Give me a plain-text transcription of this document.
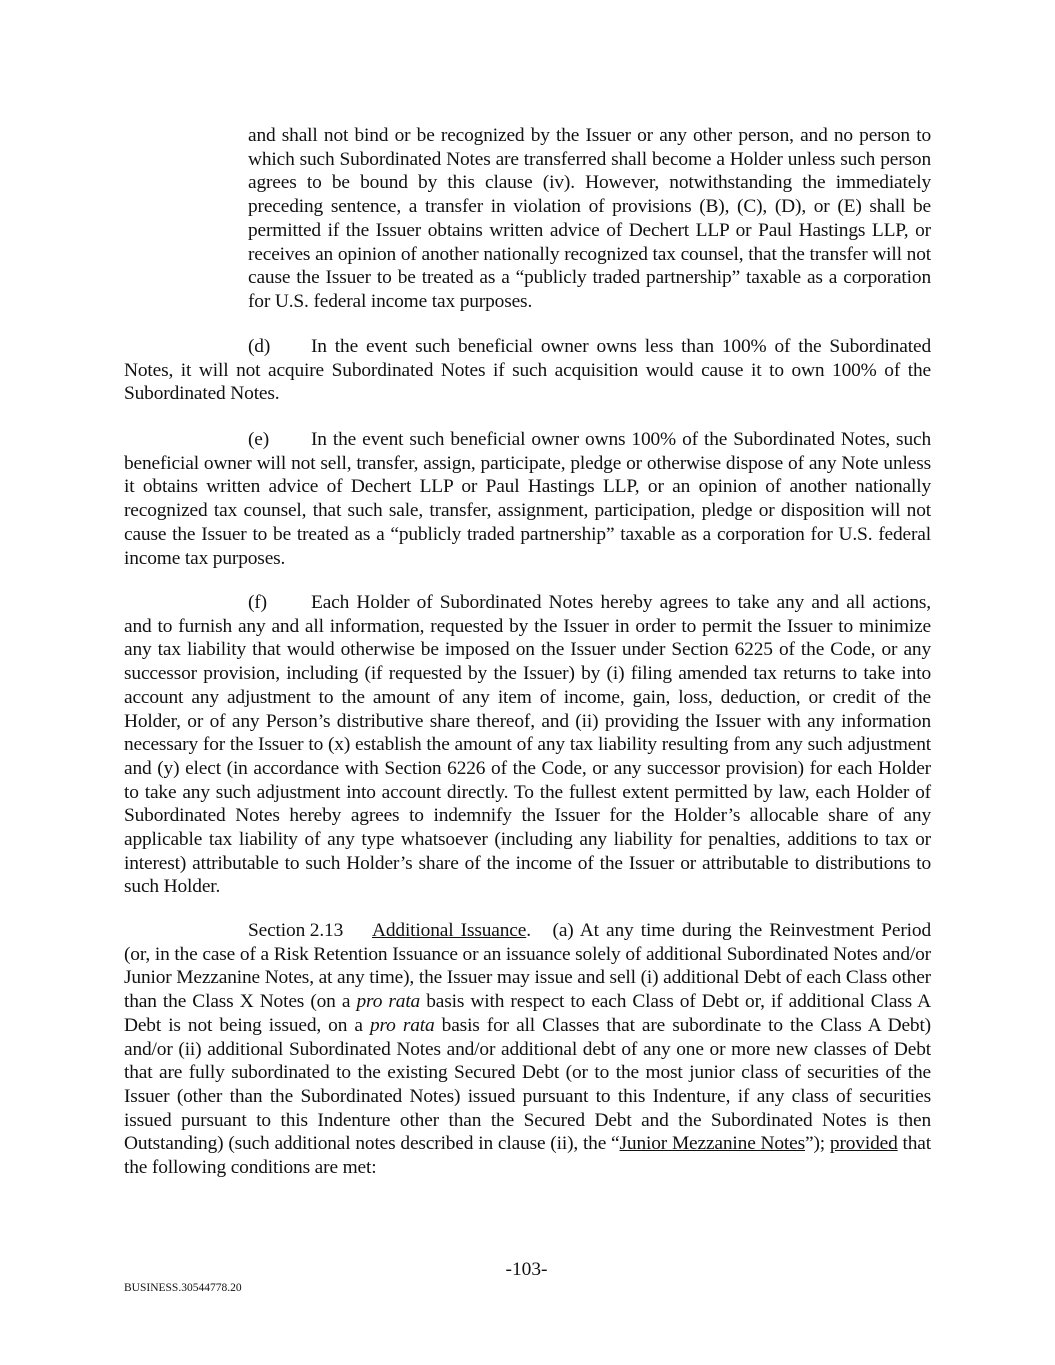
and shall not bind or be recognized by the Issuer or any other person, and no person to which such Subordinated Notes are transferred shall become a Holder unless such person agrees to be bound by this clause (iv). However, notwithstanding the immediately preceding sentence, a transfer in violation of provisions (B), (C), (D), or (E) shall be permitted if the Issuer obtains written advice of Dechert LLP or Paul Hastings LLP, or receives an opinion of another nationally recognized tax counsel, that the transfer will not cause the Issuer to be treated as a “publicly traded partnership” taxable as a corporation for U.S. federal income tax purposes.

(d) In the event such beneficial owner owns less than 100% of the Subordinated Notes, it will not acquire Subordinated Notes if such acquisition would cause it to own 100% of the Subordinated Notes.

(e) In the event such beneficial owner owns 100% of the Subordinated Notes, such beneficial owner will not sell, transfer, assign, participate, pledge or otherwise dispose of any Note unless it obtains written advice of Dechert LLP or Paul Hastings LLP, or an opinion of another nationally recognized tax counsel, that such sale, transfer, assignment, participation, pledge or disposition will not cause the Issuer to be treated as a “publicly traded partnership” taxable as a corporation for U.S. federal income tax purposes.

(f) Each Holder of Subordinated Notes hereby agrees to take any and all actions, and to furnish any and all information, requested by the Issuer in order to permit the Issuer to minimize any tax liability that would otherwise be imposed on the Issuer under Section 6225 of the Code, or any successor provision, including (if requested by the Issuer) by (i) filing amended tax returns to take into account any adjustment to the amount of any item of income, gain, loss, deduction, or credit of the Holder, or of any Person’s distributive share thereof, and (ii) providing the Issuer with any information necessary for the Issuer to (x) establish the amount of any tax liability resulting from any such adjustment and (y) elect (in accordance with Section 6226 of the Code, or any successor provision) for each Holder to take any such adjustment into account directly. To the fullest extent permitted by law, each Holder of Subordinated Notes hereby agrees to indemnify the Issuer for the Holder’s allocable share of any applicable tax liability of any type whatsoever (including any liability for penalties, additions to tax or interest) attributable to such Holder’s share of the income of the Issuer or attributable to distributions to such Holder.

Section 2.13 Additional Issuance. (a) At any time during the Reinvestment Period (or, in the case of a Risk Retention Issuance or an issuance solely of additional Subordinated Notes and/or Junior Mezzanine Notes, at any time), the Issuer may issue and sell (i) additional Debt of each Class other than the Class X Notes (on a pro rata basis with respect to each Class of Debt or, if additional Class A Debt is not being issued, on a pro rata basis for all Classes that are subordinate to the Class A Debt) and/or (ii) additional Subordinated Notes and/or additional debt of any one or more new classes of Debt that are fully subordinated to the existing Secured Debt (or to the most junior class of securities of the Issuer (other than the Subordinated Notes) issued pursuant to this Indenture, if any class of securities issued pursuant to this Indenture other than the Secured Debt and the Subordinated Notes is then Outstanding) (such additional notes described in clause (ii), the “Junior Mezzanine Notes”); provided that the following conditions are met:

-103-
BUSINESS.30544778.20
